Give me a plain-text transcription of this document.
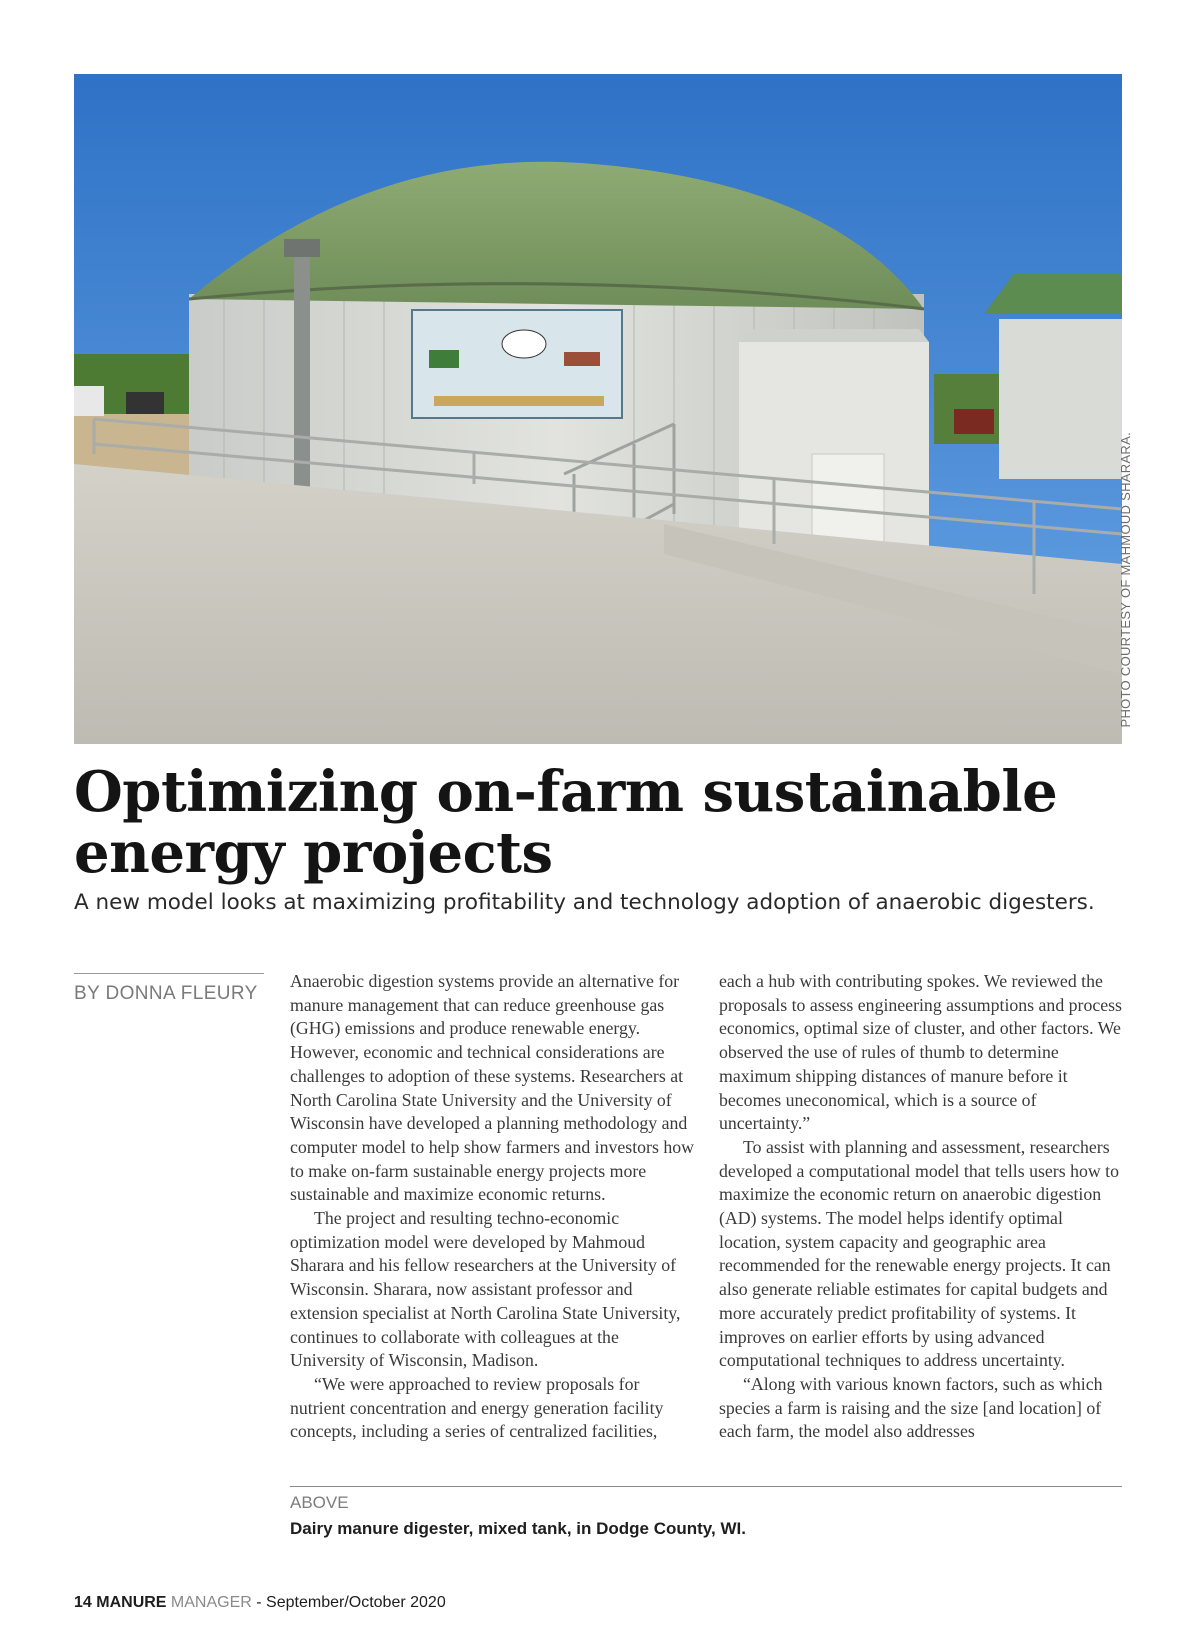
PHOTO COURTESY OF MAHMOUD SHARARA.
Optimizing on-farm sustainable energy projects

A new model looks at maximizing profitability and technology adoption of anaerobic digesters.

BY DONNA FLEURY

Anaerobic digestion systems provide an alternative for manure management that can reduce greenhouse gas (GHG) emissions and produce renewable energy. However, economic and technical considerations are challenges to adoption of these systems. Researchers at North Carolina State University and the University of Wisconsin have developed a planning methodology and computer model to help show farmers and investors how to make on-farm sustainable energy projects more sustainable and maximize economic returns.

The project and resulting techno-economic optimization model were developed by Mahmoud Sharara and his fellow researchers at the University of Wisconsin. Sharara, now assistant professor and extension specialist at North Carolina State University, continues to collaborate with colleagues at the University of Wisconsin, Madison.

“We were approached to review proposals for nutrient concentration and energy generation facility concepts, including a series of centralized facilities,

each a hub with contributing spokes. We reviewed the proposals to assess engineering assumptions and process economics, optimal size of cluster, and other factors. We observed the use of rules of thumb to determine maximum shipping distances of manure before it becomes uneconomical, which is a source of uncertainty.”

To assist with planning and assessment, researchers developed a computational model that tells users how to maximize the economic return on anaerobic digestion (AD) systems. The model helps identify optimal location, system capacity and geographic area recommended for the renewable energy projects. It can also generate reliable estimates for capital budgets and more accurately predict profitability of systems. It improves on earlier efforts by using advanced computational techniques to address uncertainty.

“Along with various known factors, such as which species a farm is raising and the size [and location] of each farm, the model also addresses

ABOVE

Dairy manure digester, mixed tank, in Dodge County, WI.

14 MANURE MANAGER - September/October 2020
